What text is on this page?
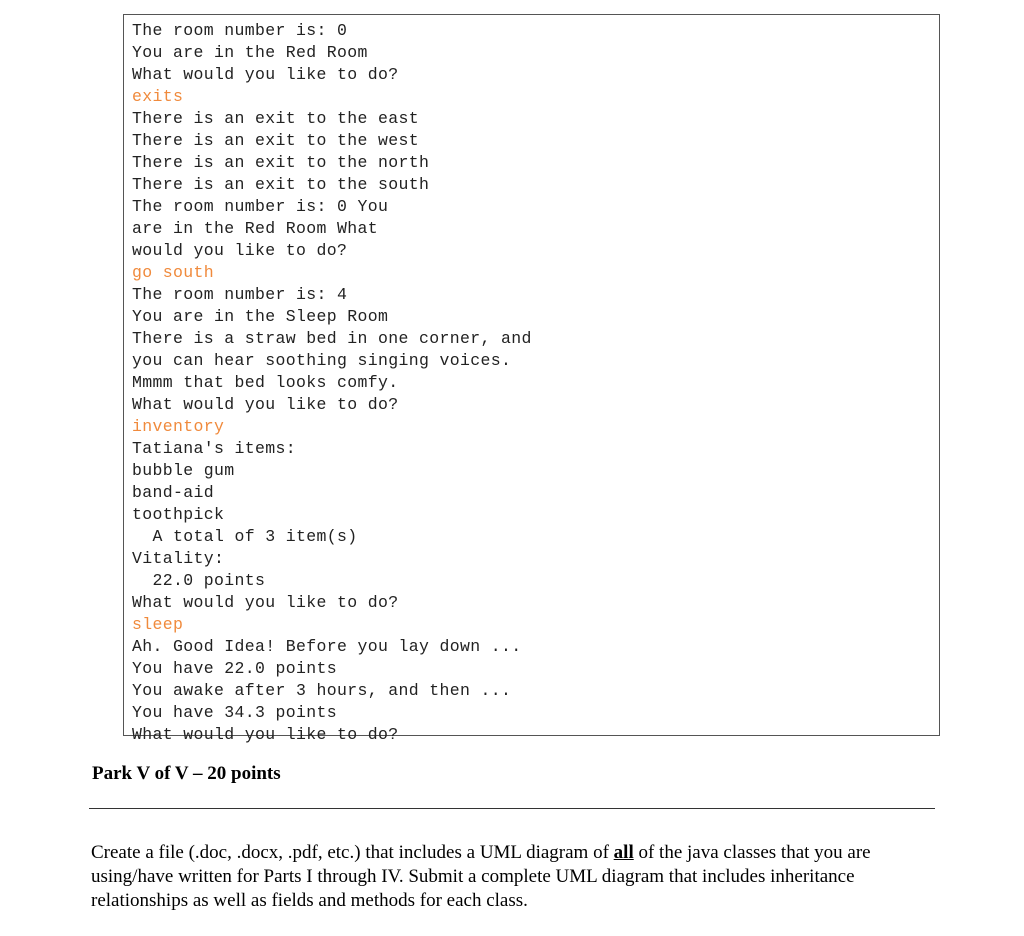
The room number is: 0
You are in the Red Room
What would you like to do?
exits
There is an exit to the east
There is an exit to the west
There is an exit to the north
There is an exit to the south
The room number is: 0 You
are in the Red Room What
would you like to do?
go south
The room number is: 4
You are in the Sleep Room
There is a straw bed in one corner, and
you can hear soothing singing voices.
Mmmm that bed looks comfy.
What would you like to do?
inventory
Tatiana's items:
bubble gum
band-aid
toothpick
A total of 3 item(s)
Vitality:
22.0 points
What would you like to do?
sleep
Ah. Good Idea! Before you lay down ...
You have 22.0 points
You awake after 3 hours, and then ...
You have 34.3 points
What would you like to do?
Park V of V – 20 points
Create a file (.doc, .docx, .pdf, etc.) that includes a UML diagram of all of the java classes that you are using/have written for Parts I through IV. Submit a complete UML diagram that includes inheritance relationships as well as fields and methods for each class.
